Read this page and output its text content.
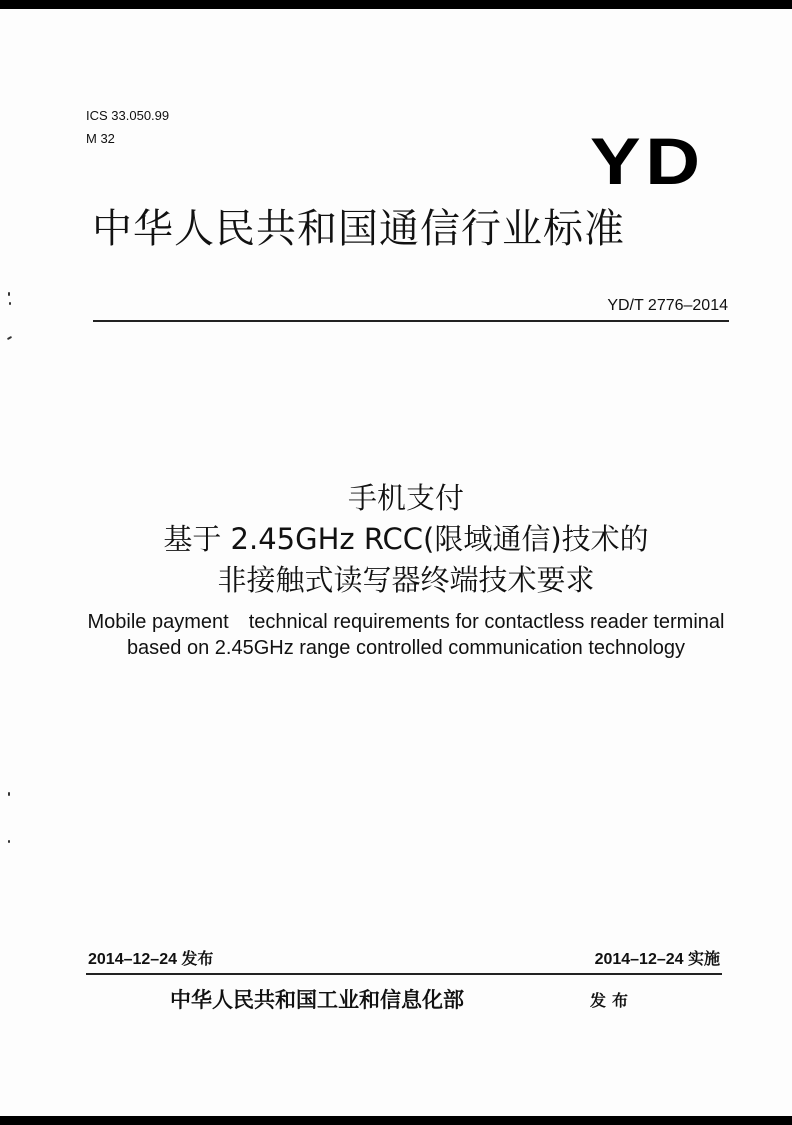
ICS 33.050.99
M 32	YD
中华人民共和国通信行业标准
YD/T 2776–2014
手机支付
基于 2.45GHz RCC(限域通信)技术的
非接触式读写器终端技术要求
Mobile payment　technical requirements for contactless reader terminal based on 2.45GHz range controlled communication technology
2014–12–24 发布	2014–12–24 实施
中华人民共和国工业和信息化部	发布
